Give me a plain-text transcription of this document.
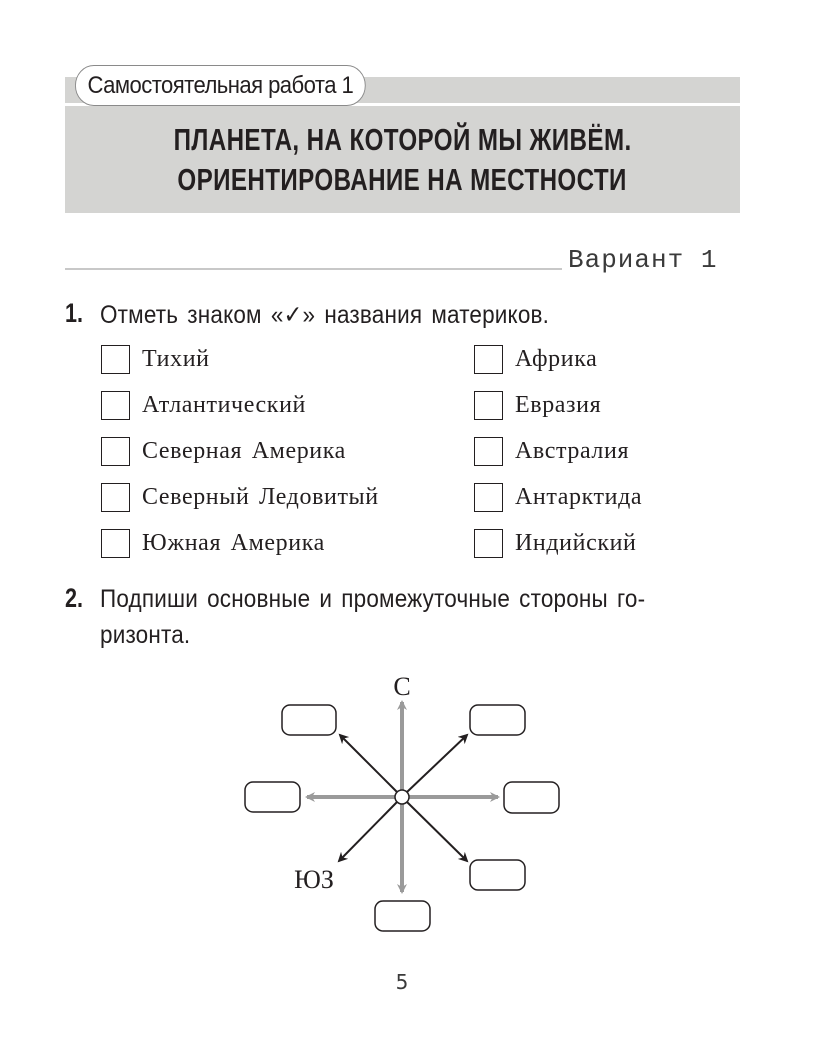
Самостоятельная работа 1
ПЛАНЕТА, НА КОТОРОЙ МЫ ЖИВЁМ.
ОРИЕНТИРОВАНИЕ НА МЕСТНОСТИ
Вариант 1
1. Отметь знаком «✓» названия материков.
Тихий
Атлантический
Северная Америка
Северный Ледовитый
Южная Америка
Африка
Евразия
Австралия
Антарктида
Индийский
2. Подпиши основные и промежуточные стороны го-
ризонта.
С
ЮЗ
5
